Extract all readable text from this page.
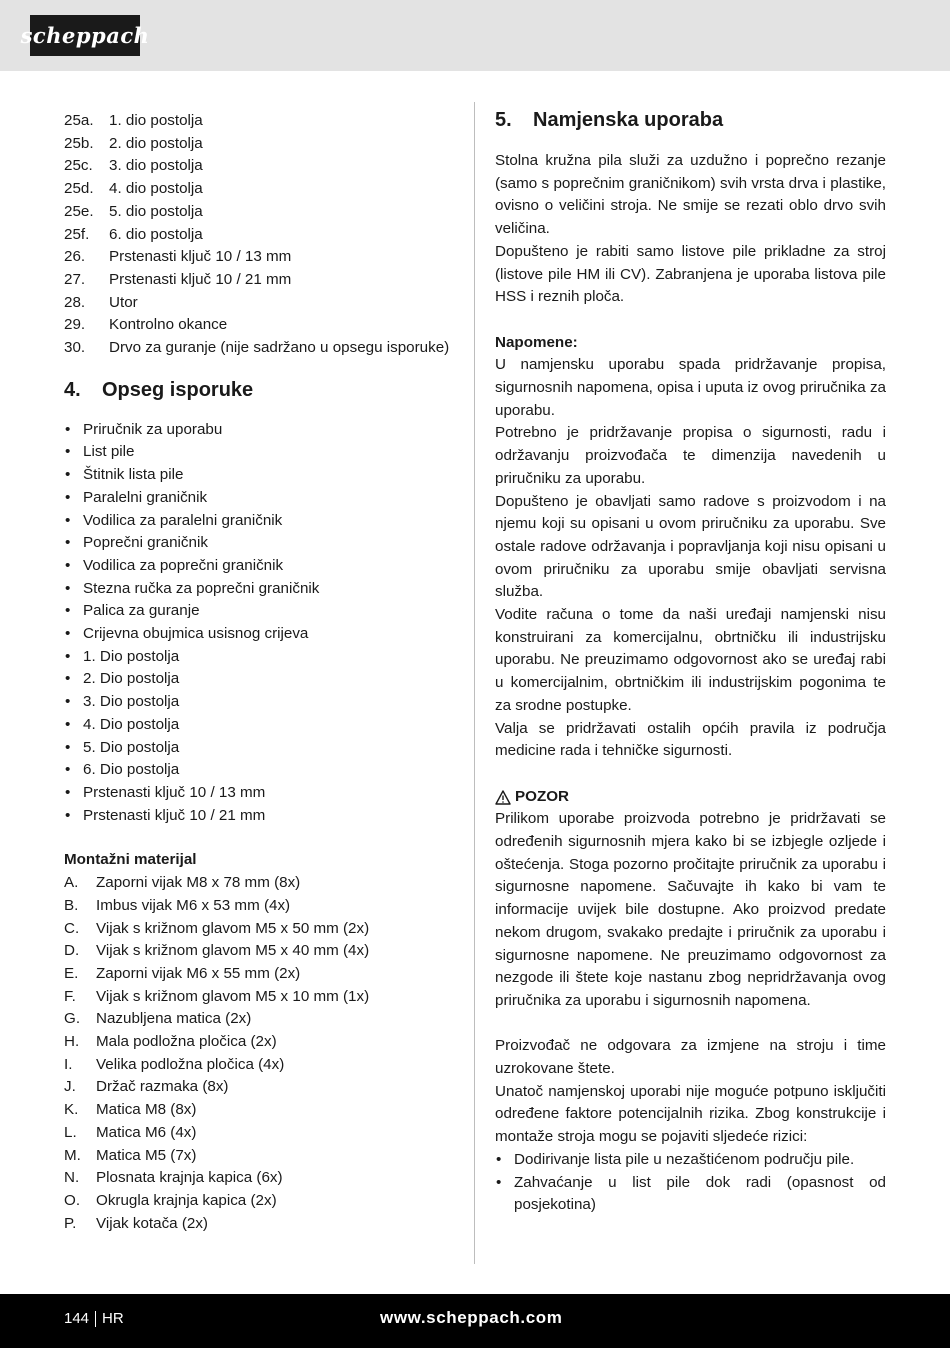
scheppach
25a.	1. dio postolja
25b.	2. dio postolja
25c.	3. dio postolja
25d.	4. dio postolja
25e.	5. dio postolja
25f.	6. dio postolja
26.	Prstenasti ključ 10 / 13 mm
27.	Prstenasti ključ 10 / 21 mm
28.	Utor
29.	Kontrolno okance
30.	Drvo za guranje (nije sadržano u opsegu isporuke)
4.	Opseg isporuke
• Priručnik za uporabu
• List pile
• Štitnik lista pile
• Paralelni graničnik
• Vodilica za paralelni graničnik
• Poprečni graničnik
• Vodilica za poprečni graničnik
• Stezna ručka za poprečni graničnik
• Palica za guranje
• Crijevna obujmica usisnog crijeva
• 1. Dio postolja
• 2. Dio postolja
• 3. Dio postolja
• 4. Dio postolja
• 5. Dio postolja
• 6. Dio postolja
• Prstenasti ključ 10 / 13 mm
• Prstenasti ključ 10 / 21 mm
Montažni materijal
A.	Zaporni vijak M8 x 78 mm (8x)
B.	Imbus vijak M6 x 53 mm (4x)
C.	Vijak s križnom glavom M5 x 50 mm (2x)
D.	Vijak s križnom glavom M5 x 40 mm (4x)
E.	Zaporni vijak M6 x 55 mm (2x)
F.	Vijak s križnom glavom M5 x 10 mm (1x)
G.	Nazubljena matica (2x)
H.	Mala podložna pločica (2x)
I.	Velika podložna pločica (4x)
J.	Držač razmaka (8x)
K.	Matica M8 (8x)
L.	Matica M6 (4x)
M. Matica M5 (7x)
N.	Plosnata krajnja kapica (6x)
O.	Okrugla krajnja kapica (2x)
P.	Vijak kotača (2x)
5.	Namjenska uporaba

Stolna kružna pila služi za uzdužno i poprečno rezanje (samo s poprečnim graničnikom) svih vrsta drva i plastike, ovisno o veličini stroja. Ne smije se rezati oblo drvo svih veličina.

Dopušteno je rabiti samo listove pile prikladne za stroj (listove pile HM ili CV). Zabranjena je uporaba listova pile HSS i reznih ploča.

Napomene:

U namjensku uporabu spada pridržavanje propisa, sigurnosnih napomena, opisa i uputa iz ovog priručnika za uporabu.

Potrebno je pridržavanje propisa o sigurnosti, radu i održavanju proizvođača te dimenzija navedenih u priručniku za uporabu.

Dopušteno je obavljati samo radove s proizvodom i na njemu koji su opisani u ovom priručniku za uporabu. Sve ostale radove održavanja i popravljanja koji nisu opisani u ovom priručniku za uporabu smije obavljati servisna služba.

Vodite računa o tome da naši uređaji namjenski nisu konstruirani za komercijalnu, obrtničku ili industrijsku uporabu. Ne preuzimamo odgovornost ako se uređaj rabi u komercijalnim, obrtničkim ili industrijskim pogonima te za srodne postupke.

Valja se pridržavati ostalih općih pravila iz područja medicine rada i tehničke sigurnosti.

POZOR

Prilikom uporabe proizvoda potrebno je pridržavati se određenih sigurnosnih mjera kako bi se izbjegle ozljede i oštećenja. Stoga pozorno pročitajte priručnik za uporabu i sigurnosne napomene. Sačuvajte ih kako bi vam te informacije uvijek bile dostupne. Ako proizvod predate nekom drugom, svakako predajte i priručnik za uporabu i sigurnosne napomene. Ne preuzimamo odgovornost za nezgode ili štete koje nastanu zbog nepridržavanja ovog priručnika za uporabu i sigurnosnih napomena.

Proizvođač ne odgovara za izmjene na stroju i time uzrokovane štete.

Unatoč namjenskoj uporabi nije moguće potpuno isključiti određene faktore potencijalnih rizika. Zbog konstrukcije i montaže stroja mogu se pojaviti sljedeće rizici:

• Dodirivanje lista pile u nezaštićenom području pile.
• Zahvaćanje u list pile dok radi (opasnost od posjekotina)
144 HR	www.scheppach.com
